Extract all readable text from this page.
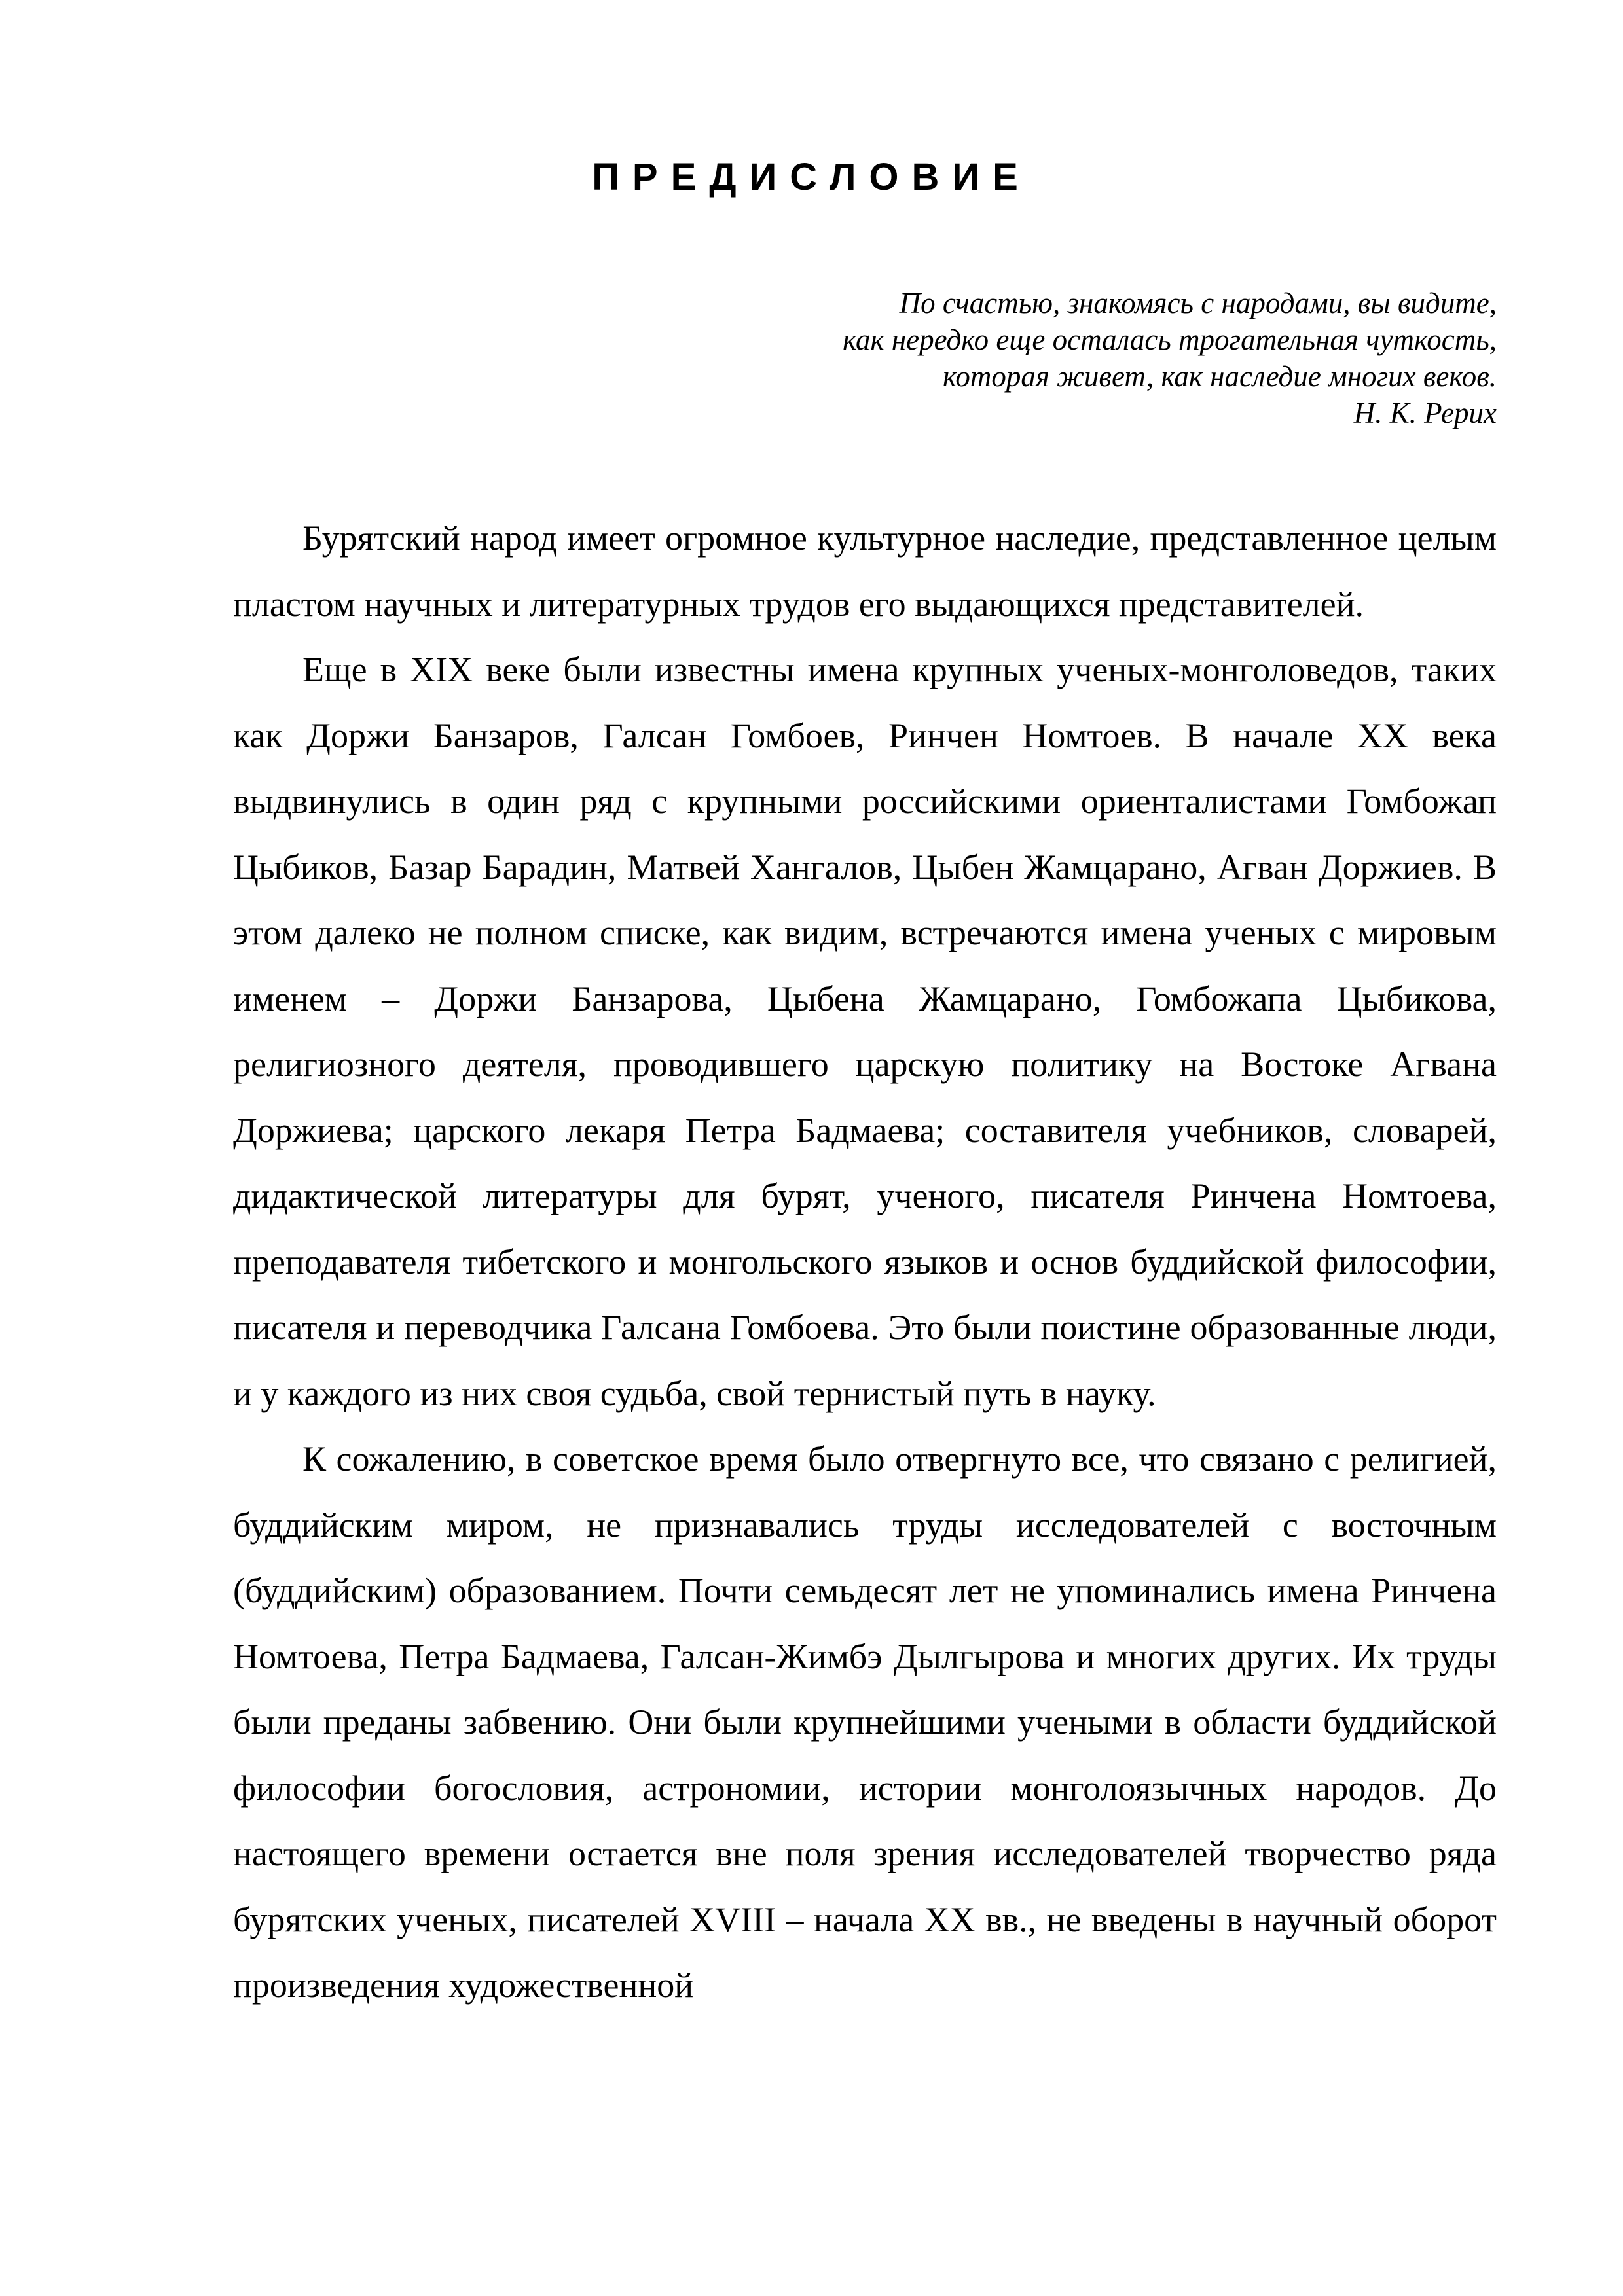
ПРЕДИСЛОВИЕ
По счастью, знакомясь с народами, вы видите,
как нередко еще осталась трогательная чуткость,
которая живет, как наследие многих веков.
Н. К. Рерих

Бурятский народ имеет огромное культурное наследие, представленное целым пластом научных и литературных трудов его выдающихся представителей.

Еще в XIX веке были известны имена крупных ученых-монголоведов, таких как Доржи Банзаров, Галсан Гомбоев, Ринчен Номтоев. В начале XX века выдвинулись в один ряд с крупными российскими ориенталистами Гомбожап Цыбиков, Базар Барадин, Матвей Хангалов, Цыбен Жамцарано, Агван Доржиев. В этом далеко не полном списке, как видим, встречаются имена ученых с мировым именем – Доржи Банзарова, Цыбена Жамцарано, Гомбожапа Цыбикова, религиозного деятеля, проводившего царскую политику на Востоке Агвана Доржиева; царского лекаря Петра Бадмаева; составителя учебников, словарей, дидактической литературы для бурят, ученого, писателя Ринчена Номтоева, преподавателя тибетского и монгольского языков и основ буддийской философии, писателя и переводчика Галсана Гомбоева. Это были поистине образованные люди, и у каждого из них своя судьба, свой тернистый путь в науку.

К сожалению, в советское время было отвергнуто все, что связано с религией, буддийским миром, не признавались труды исследователей с восточным (буддийским) образованием. Почти семьдесят лет не упоминались имена Ринчена Номтоева, Петра Бадмаева, Галсан-Жимбэ Дылгырова и многих других. Их труды были преданы забвению. Они были крупнейшими учеными в области буддийской философии богословия, астрономии, истории монголоязычных народов. До настоящего времени остается вне поля зрения исследователей творчество ряда бурятских ученых, писателей XVIII – начала XX вв., не введены в научный оборот произведения художественной
